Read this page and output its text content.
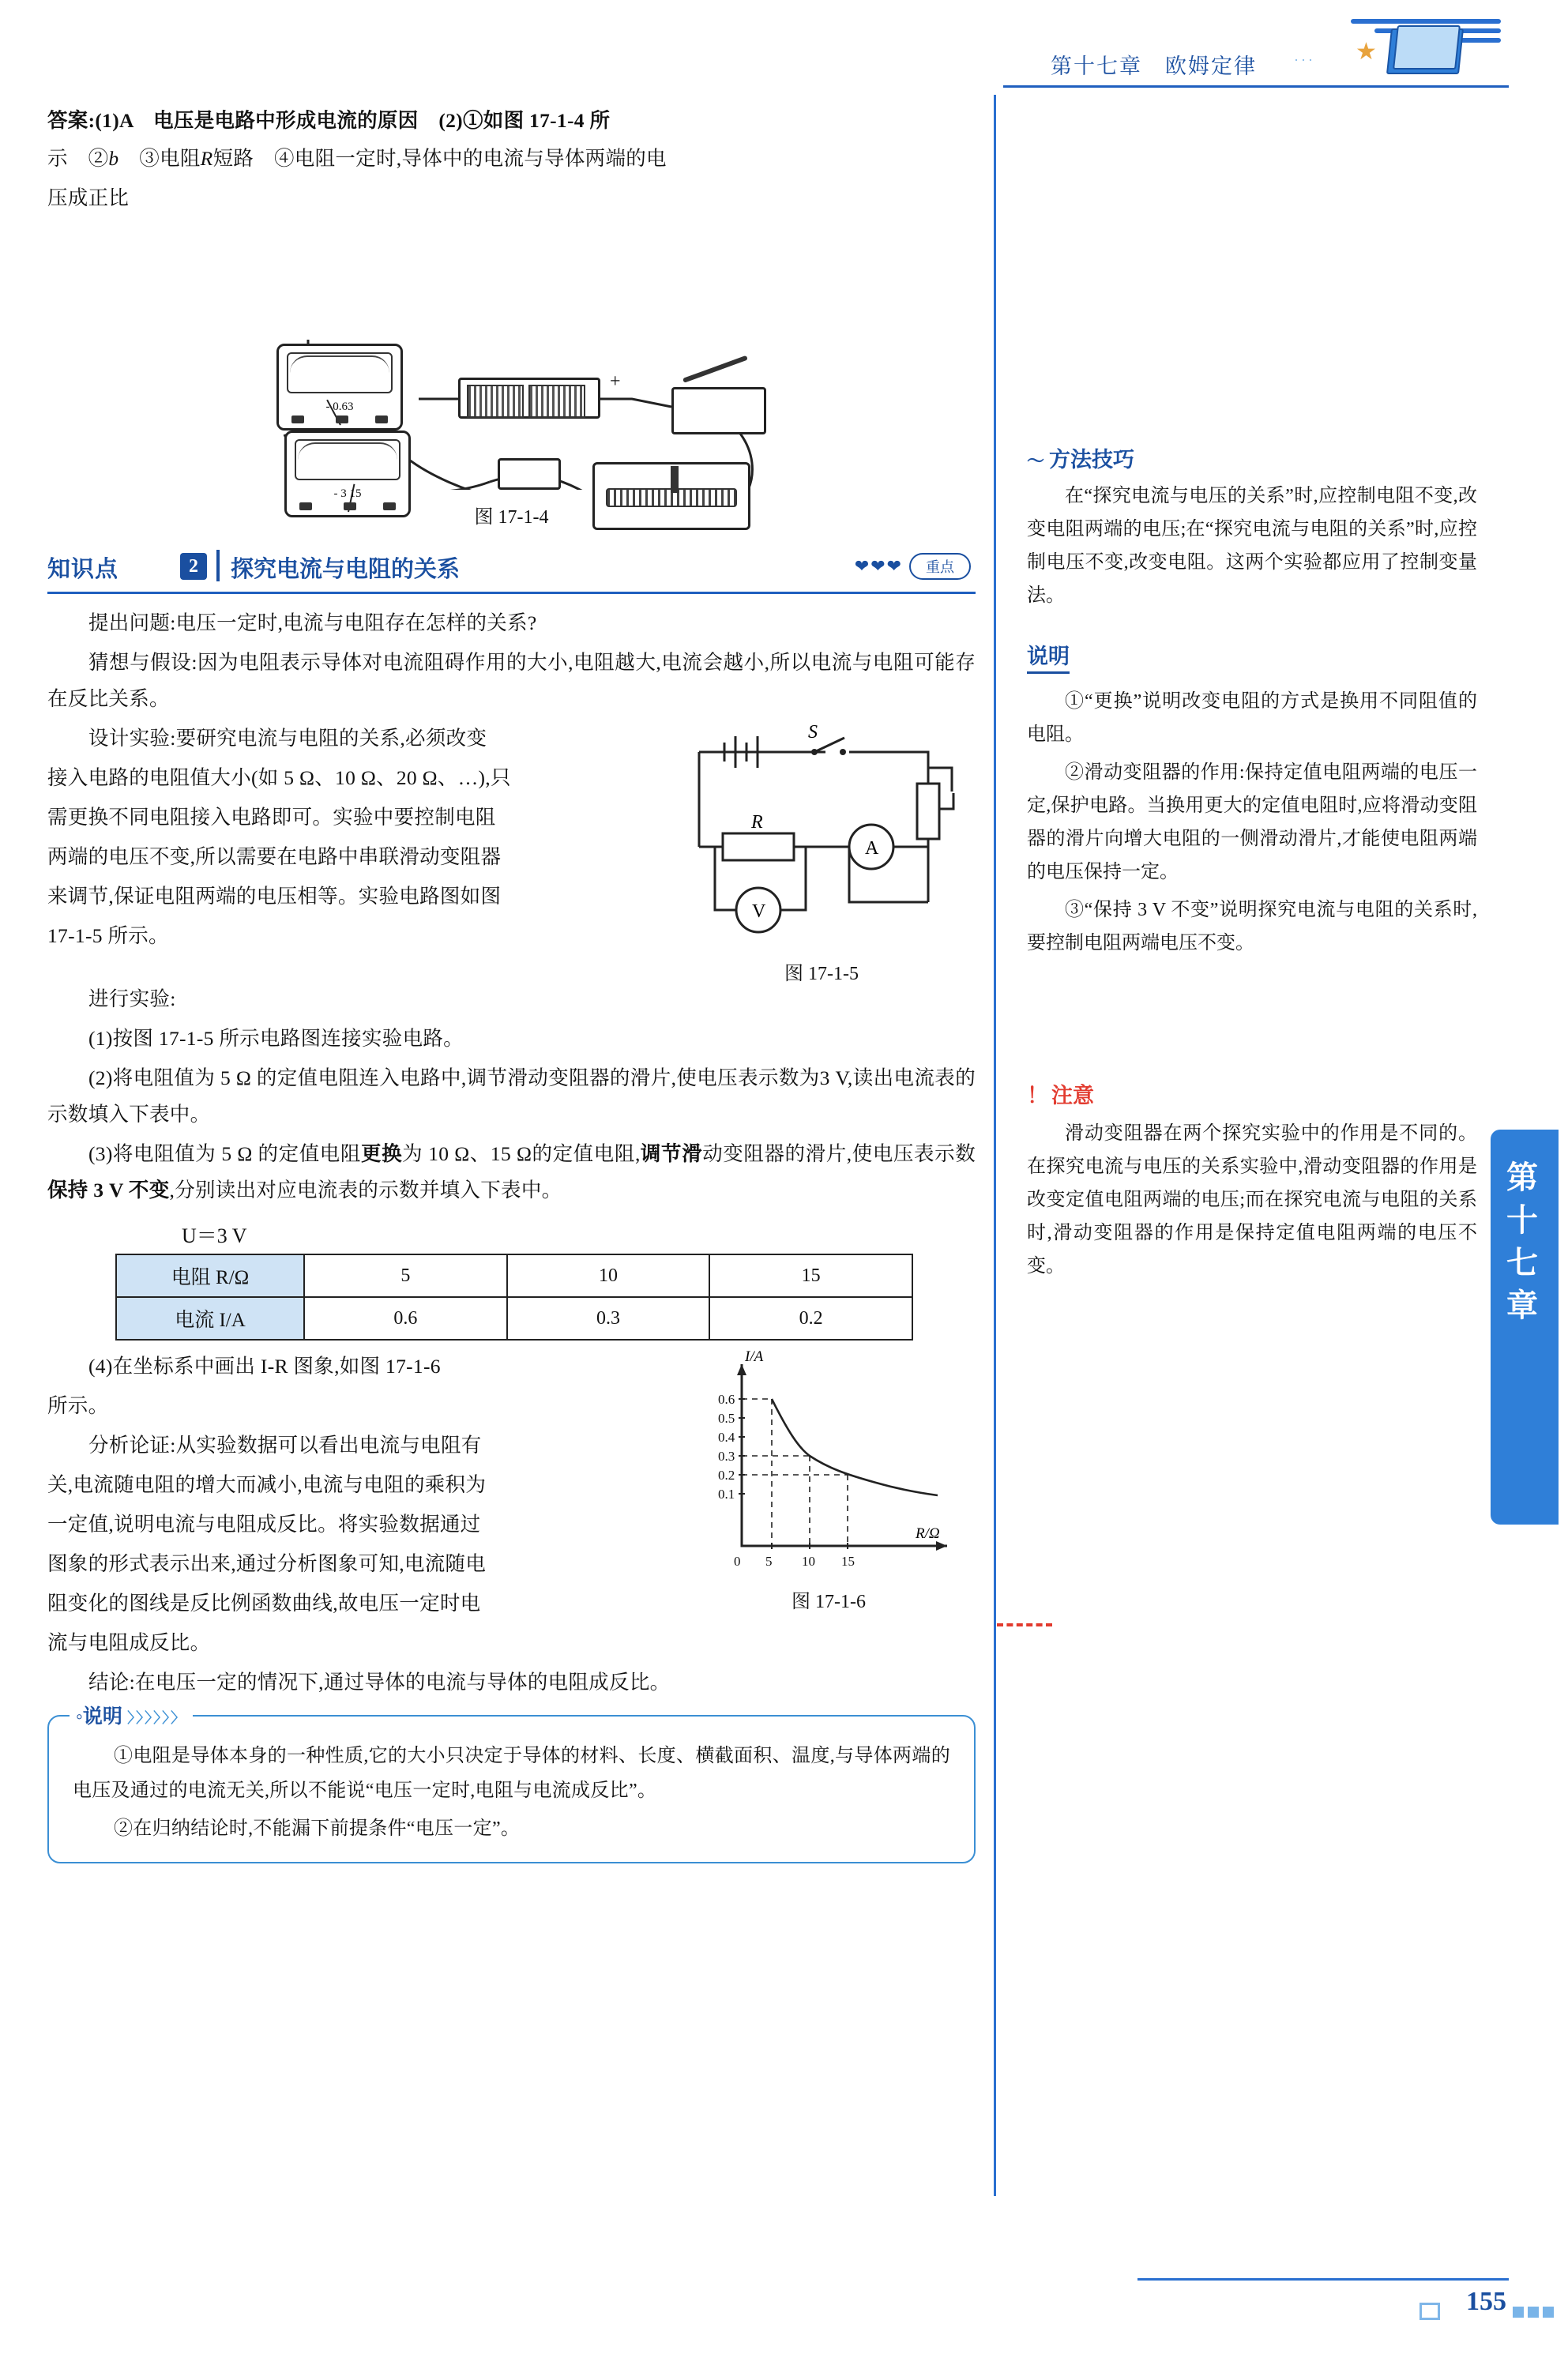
第十七章　欧姆定律	··· ★

答案:(1)A　电压是电路中形成电流的原因　(2)①如图 17-1-4 所

示　②b　③电阻R短路　④电阻一定时,导体中的电流与导体两端的电

压成正比

- 0.63
+
- 3 15
图 17-1-4
知识点	2	探究电流与电阻的关系	❤❤❤	重点

提出问题:电压一定时,电流与电阻存在怎样的关系?

猜想与假设:因为电阻表示导体对电流阻碍作用的大小,电阻越大,电流会越小,所以电流与电阻可能存在反比关系。

设计实验:要研究电流与电阻的关系,必须改变

接入电路的电阻值大小(如 5 Ω、10 Ω、20 Ω、…),只

需更换不同电阻接入电路即可。实验中要控制电阻

两端的电压不变,所以需要在电路中串联滑动变阻器

来调节,保证电阻两端的电压相等。实验电路图如图

17-1-5 所示。

S
R
A
V
图 17-1-5

进行实验:

(1)按图 17-1-5 所示电路图连接实验电路。

(2)将电阻值为 5 Ω 的定值电阻连入电路中,调节滑动变阻器的滑片,使电压表示数为3 V,读出电流表的示数填入下表中。

(3)将电阻值为 5 Ω 的定值电阻更换为 10 Ω、15 Ω的定值电阻,调节滑动变阻器的滑片,使电压表示数保持 3 V 不变,分别读出对应电流表的示数并填入下表中。

U＝3 V
电阻 R/Ω	5	10	15
电流 I/A	0.6	0.3	0.2

(4)在坐标系中画出 I-R 图象,如图 17-1-6

所示。

分析论证:从实验数据可以看出电流与电阻有

关,电流随电阻的增大而减小,电流与电阻的乘积为

一定值,说明电流与电阻成反比。将实验数据通过

图象的形式表示出来,通过分析图象可知,电流随电

阻变化的图线是反比例函数曲线,故电压一定时电

流与电阻成反比。

0.6
0.5
0.4
0.3
0.2
0.1
0 5 10 15
I/A
R/Ω
图 17-1-6

结论:在电压一定的情况下,通过导体的电流与导体的电阻成反比。

◦说明 〉〉〉〉〉〉

①电阻是导体本身的一种性质,它的大小只决定于导体的材料、长度、横截面积、温度,与导体两端的电压及通过的电流无关,所以不能说“电压一定时,电阻与电流成反比”。

②在归纳结论时,不能漏下前提条件“电压一定”。

〜 方法技巧

在“探究电流与电压的关系”时,应控制电阻不变,改变电阻两端的电压;在“探究电流与电阻的关系”时,应控制电压不变,改变电阻。这两个实验都应用了控制变量法。

说明

①“更换”说明改变电阻的方式是换用不同阻值的电阻。

②滑动变阻器的作用:保持定值电阻两端的电压一定,保护电路。当换用更大的定值电阻时,应将滑动变阻器的滑片向增大电阻的一侧滑动滑片,才能使电阻两端的电压保持一定。

③“保持 3 V 不变”说明探究电流与电阻的关系时,要控制电阻两端电压不变。

！ 注意

滑动变阻器在两个探究实验中的作用是不同的。在探究电流与电压的关系实验中,滑动变阻器的作用是改变定值电阻两端的电压;而在探究电流与电阻的关系时,滑动变阻器的作用是保持定值电阻两端的电压不变。

第十七章
155
